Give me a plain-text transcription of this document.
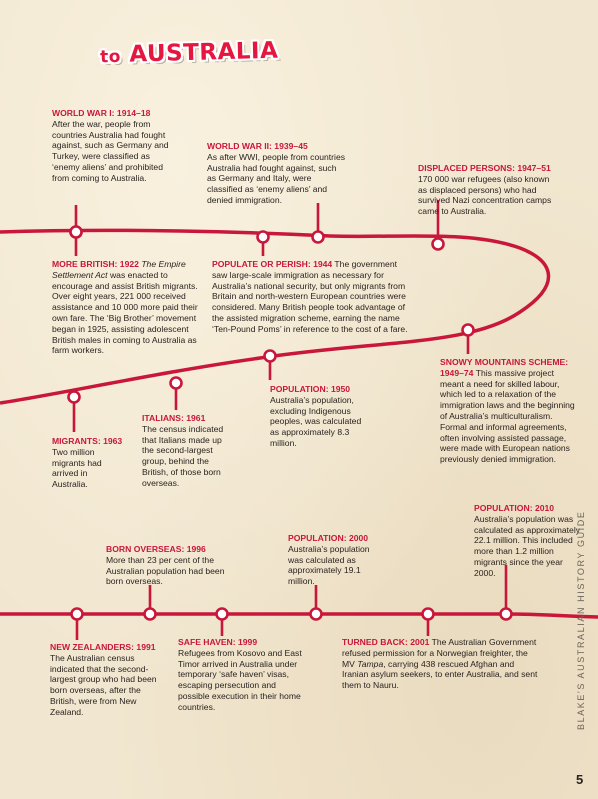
to AUSTRALIA
WORLD WAR I: 1914–18
After the war, people from countries Australia had fought against, such as Germany and Turkey, were classified as ‘enemy aliens’ and prohibited from coming to Australia.
WORLD WAR II: 1939–45
As after WWI, people from countries Australia had fought against, such as Germany and Italy, were classified as ‘enemy aliens’ and denied immigration.
DISPLACED PERSONS: 1947–51
170 000 war refugees (also known as displaced persons) who had survived Nazi concentration camps came to Australia.
MORE BRITISH: 1922 The Empire Settlement Act was enacted to encourage and assist British migrants. Over eight years, 221 000 received assistance and 10 000 more paid their own fare. The ‘Big Brother’ movement began in 1925, assisting adolescent British males in coming to Australia as farm workers.
POPULATE OR PERISH: 1944 The government saw large-scale immigration as necessary for Australia’s national security, but only migrants from Britain and north-western European countries were considered. Many British people took advantage of the assisted migration scheme, earning the name ‘Ten-Pound Poms’ in reference to the cost of a fare.
SNOWY MOUNTAINS SCHEME: 1949–74 This massive project meant a need for skilled labour, which led to a relaxation of the immigration laws and the beginning of Australia’s multiculturalism. Formal and informal agreements, often involving assisted passage, were made with European nations previously denied immigration.
POPULATION: 1950
Australia’s population, excluding Indigenous peoples, was calculated as approximately 8.3 million.
ITALIANS: 1961
The census indicated that Italians made up the second-largest group, behind the British, of those born overseas.
MIGRANTS: 1963
Two million migrants had arrived in Australia.
BORN OVERSEAS: 1996
More than 23 per cent of the Australian population had been born overseas.
POPULATION: 2000
Australia’s population was calculated as approximately 19.1 million.
POPULATION: 2010
Australia’s population was calculated as approximately 22.1 million. This included more than 1.2 million migrants since the year 2000.
NEW ZEALANDERS: 1991
The Australian census indicated that the second-largest group who had been born overseas, after the British, were from New Zealand.
SAFE HAVEN: 1999
Refugees from Kosovo and East Timor arrived in Australia under temporary ‘safe haven’ visas, escaping persecution and possible execution in their home countries.
TURNED BACK: 2001 The Australian Government refused permission for a Norwegian freighter, the MV Tampa, carrying 438 rescued Afghan and Iranian asylum seekers, to enter Australia, and sent them to Nauru.	BLAKE'S AUSTRALIAN HISTORY GUIDE
5
